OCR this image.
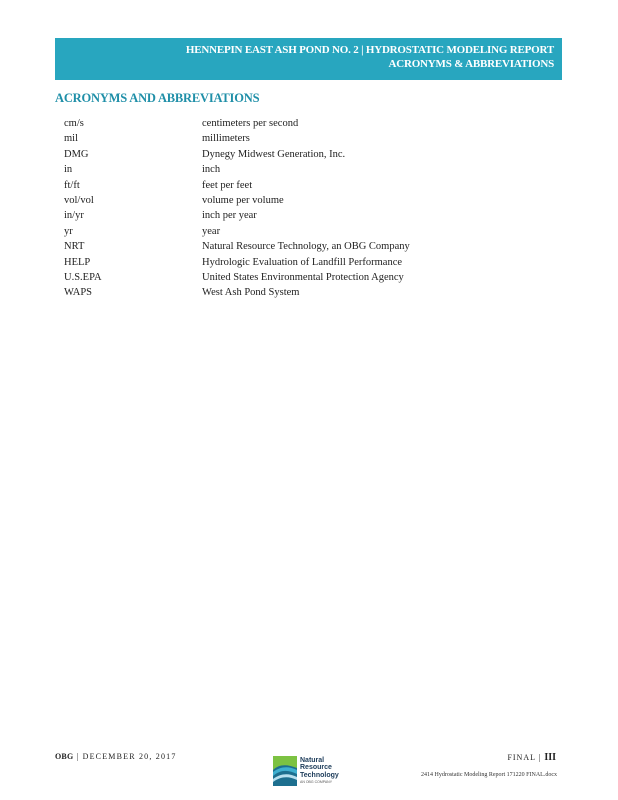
HENNEPIN EAST ASH POND NO. 2 | HYDROSTATIC MODELING REPORT
ACRONYMS & ABBREVIATIONS
ACRONYMS AND ABBREVIATIONS
cm/s	centimeters per second
mil	millimeters
DMG	Dynegy Midwest Generation, Inc.
in	inch
ft/ft	feet per feet
vol/vol	volume per volume
in/yr	inch per year
yr	year
NRT	Natural Resource Technology, an OBG Company
HELP	Hydrologic Evaluation of Landfill Performance
U.S.EPA	United States Environmental Protection Agency
WAPS	West Ash Pond System
OBG | DECEMBER 20, 2017	Natural
Resource
Technology
AN OBG COMPANY
FINAL | III
2414 Hydrostatic Modeling Report 171220 FINAL.docx
